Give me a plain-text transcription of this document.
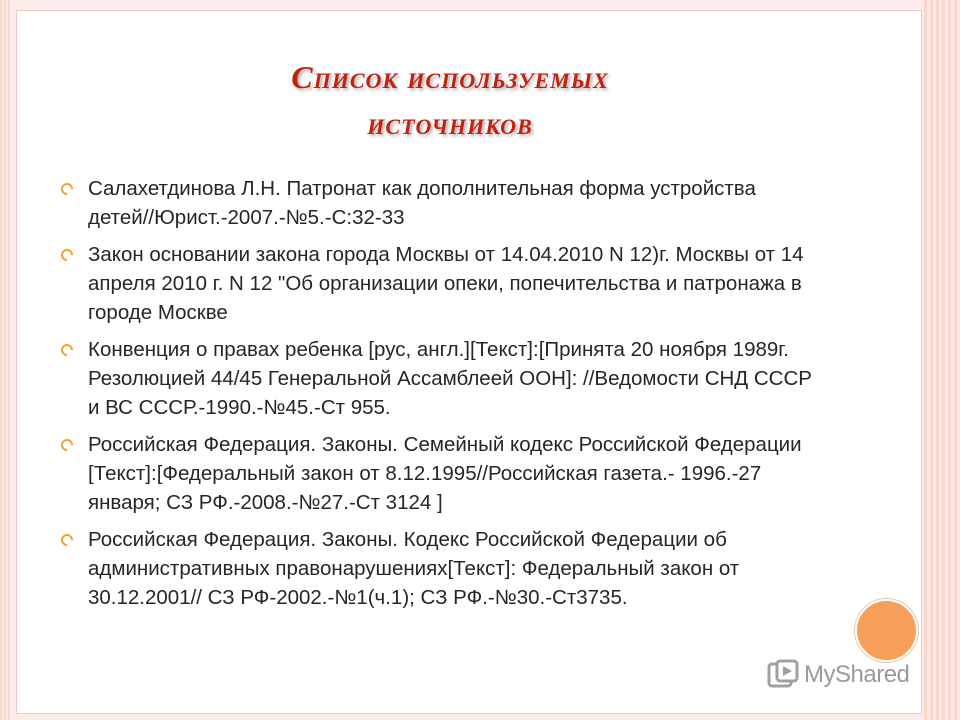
Список используемых
источников
Салахетдинова Л.Н. Патронат как дополнительная форма устройства детей//Юрист.-2007.-№5.-С:32-33
Закон основании закона города Москвы от 14.04.2010 N 12)г. Москвы от 14 апреля 2010 г. N 12 "Об организации опеки, попечительства и патронажа в городе Москве
Конвенция о правах ребенка [рус, англ.][Текст]:[Принята 20 ноября 1989г. Резолюцией 44/45 Генеральной Ассамблеей ООН]: //Ведомости СНД СССР и ВС СССР.-1990.-№45.-Ст 955.
Российская Федерация. Законы. Семейный кодекс Российской Федерации [Текст]:[Федеральный закон от 8.12.1995//Российская газета.- 1996.-27 января; СЗ РФ.-2008.-№27.-Ст 3124 ]
Российская Федерация. Законы. Кодекс Российской Федерации об административных правонарушениях[Текст]: Федеральный закон от 30.12.2001// СЗ РФ-2002.-№1(ч.1); СЗ РФ.-№30.-Ст3735.
MyShared
